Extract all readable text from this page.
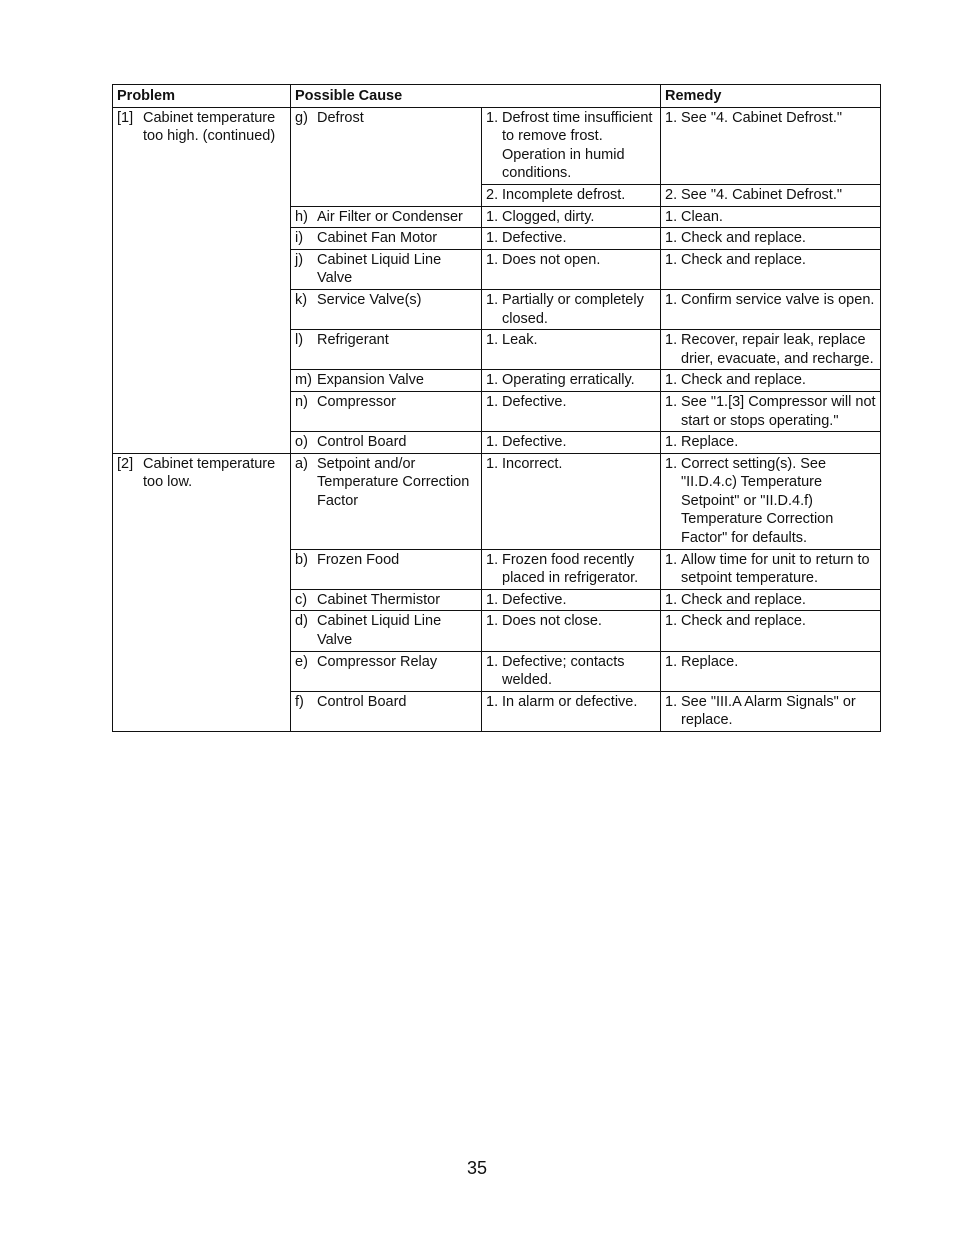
Problem	Possible Cause		Remedy

[1] Cabinet temperature too high. (continued)	g) Defrost	1. Defrost time insufficient to remove frost. Operation in humid conditions.	1. See "4. Cabinet Defrost."

		2. Incomplete defrost.	2. See "4. Cabinet Defrost."

	h) Air Filter or Condenser	1. Clogged, dirty.	1. Clean.

	i) Cabinet Fan Motor	1. Defective.	1. Check and replace.

	j) Cabinet Liquid Line Valve	1. Does not open.	1. Check and replace.

	k) Service Valve(s)	1. Partially or completely closed.	1. Confirm service valve is open.

	l) Refrigerant	1. Leak.	1. Recover, repair leak, replace drier, evacuate, and recharge.

	m) Expansion Valve	1. Operating erratically.	1. Check and replace.

	n) Compressor	1. Defective.	1. See "1.[3] Compressor will not start or stops operating."

	o) Control Board	1. Defective.	1. Replace.

[2] Cabinet temperature too low.	a) Setpoint and/or Temperature Correction Factor	1. Incorrect.	1. Correct setting(s). See "II.D.4.c) Temperature Setpoint" or "II.D.4.f) Temperature Correction Factor" for defaults.

	b) Frozen Food	1. Frozen food recently placed in refrigerator.	1. Allow time for unit to return to setpoint temperature.

	c) Cabinet Thermistor	1. Defective.	1. Check and replace.

	d) Cabinet Liquid Line Valve	1. Does not close.	1. Check and replace.

	e) Compressor Relay	1. Defective; contacts welded.	1. Replace.

	f) Control Board	1. In alarm or defective.	1. See "III.A Alarm Signals" or replace.
35
